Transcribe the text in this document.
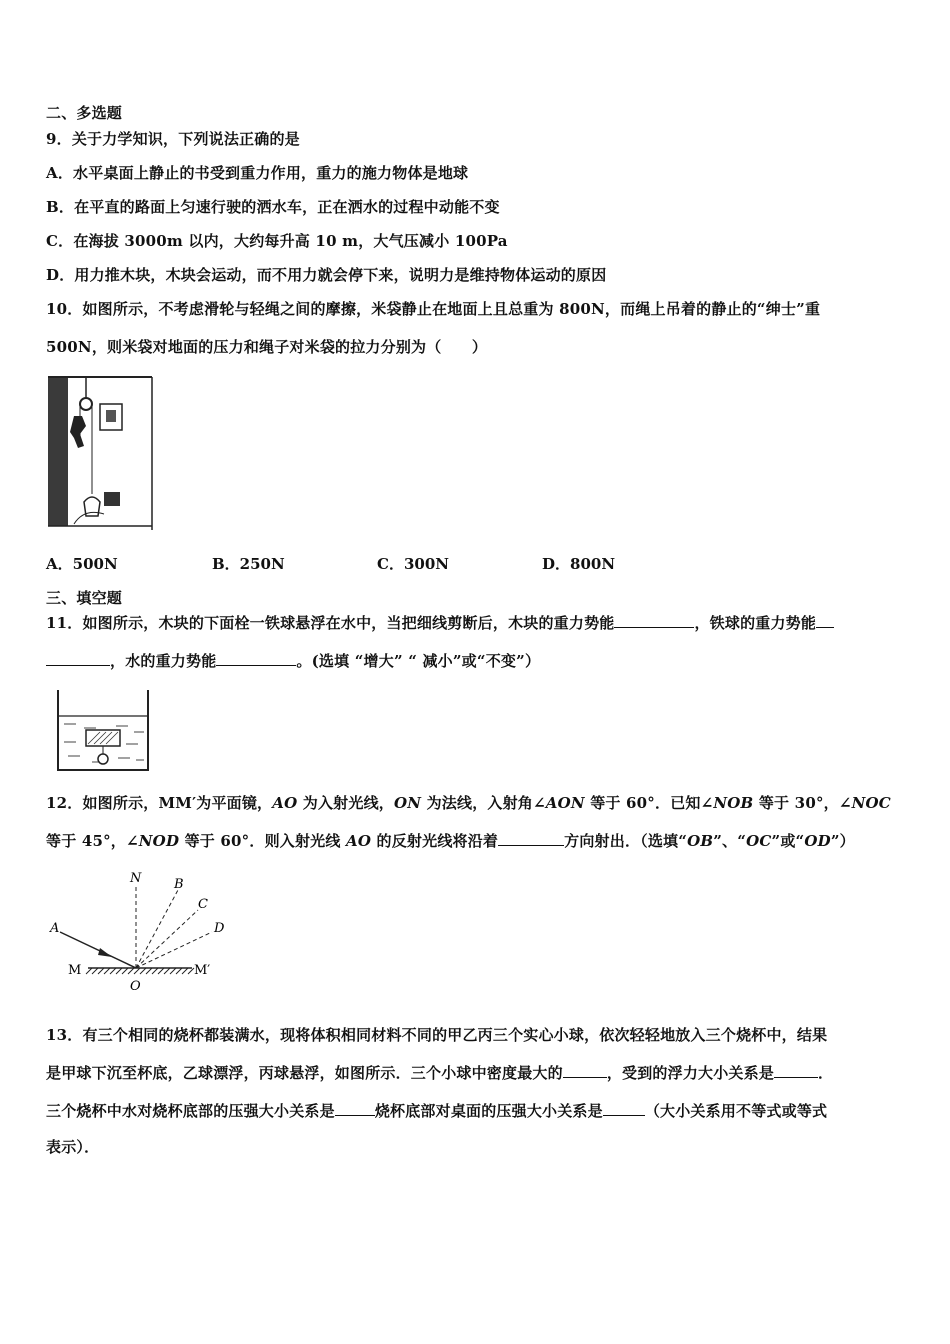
二、多选题
9．关于力学知识，下列说法正确的是
A．水平桌面上静止的书受到重力作用，重力的施力物体是地球
B．在平直的路面上匀速行驶的洒水车，正在洒水的过程中动能不变
C．在海拔 3000m 以内，大约每升高 10 m，大气压减小 100Pa
D．用力推木块，木块会运动，而不用力就会停下来，说明力是维持物体运动的原因
10．如图所示，不考虑滑轮与轻绳之间的摩擦，米袋静止在地面上且总重为 800N，而绳上吊着的静止的“绅士”重
500N，则米袋对地面的压力和绳子对米袋的拉力分别为（　　）
A．500N	B．250N	C．300N	D．800N
三、填空题
11．如图所示，木块的下面栓一铁球悬浮在水中，当把细线剪断后，木块的重力势能	，铁球的重力势能
，水的重力势能	。(选填 “增大” “ 减小”或“不变”）
12．如图所示，MM′为平面镜，AO 为入射光线，ON 为法线，入射角∠AON 等于 60°．已知∠NOB 等于 30°，∠NOC
等于 45°，∠NOD 等于 60°．则入射光线 AO 的反射光线将沿着	方向射出．（选填“OB”、“OC”或“OD”）
N	B
C
D
A
M	M′
O
13．有三个相同的烧杯都装满水，现将体积相同材料不同的甲乙丙三个实心小球，依次轻轻地放入三个烧杯中，结果
是甲球下沉至杯底，乙球漂浮，丙球悬浮，如图所示．三个小球中密度最大的	，受到的浮力大小关系是	．
三个烧杯中水对烧杯底部的压强大小关系是	烧杯底部对桌面的压强大小关系是	（大小关系用不等式或等式
表示）．
